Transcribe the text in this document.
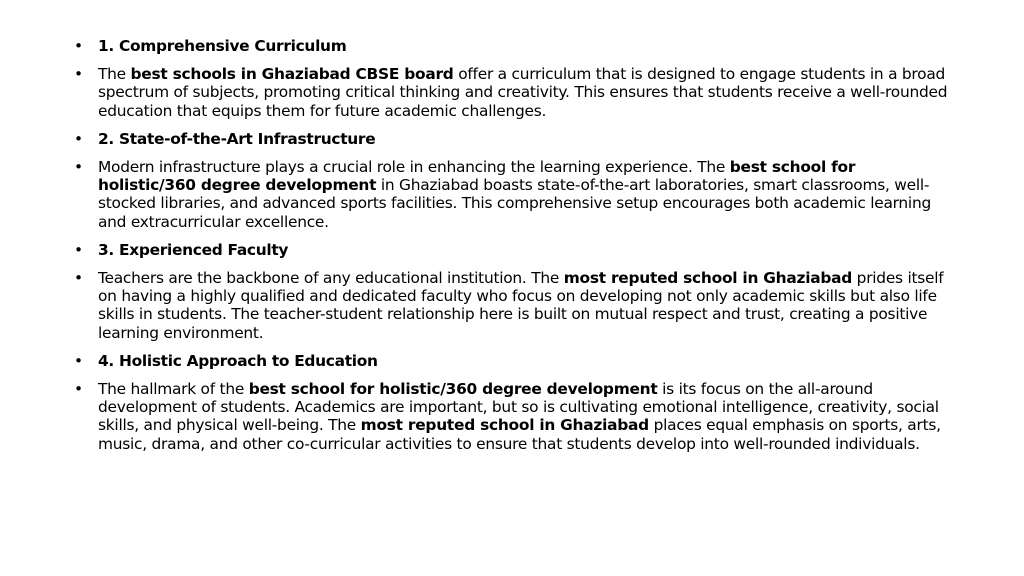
• 1. Comprehensive Curriculum
• The best schools in Ghaziabad CBSE board offer a curriculum that is designed to engage students in a broad spectrum of subjects, promoting critical thinking and creativity. This ensures that students receive a well-rounded education that equips them for future academic challenges.
• 2. State-of-the-Art Infrastructure
• Modern infrastructure plays a crucial role in enhancing the learning experience. The best school for holistic/360 degree development in Ghaziabad boasts state-of-the-art laboratories, smart classrooms, well-stocked libraries, and advanced sports facilities. This comprehensive setup encourages both academic learning and extracurricular excellence.
• 3. Experienced Faculty
• Teachers are the backbone of any educational institution. The most reputed school in Ghaziabad prides itself on having a highly qualified and dedicated faculty who focus on developing not only academic skills but also life skills in students. The teacher-student relationship here is built on mutual respect and trust, creating a positive learning environment.
• 4. Holistic Approach to Education
• The hallmark of the best school for holistic/360 degree development is its focus on the all-around development of students. Academics are important, but so is cultivating emotional intelligence, creativity, social skills, and physical well-being. The most reputed school in Ghaziabad places equal emphasis on sports, arts, music, drama, and other co-curricular activities to ensure that students develop into well-rounded individuals.
